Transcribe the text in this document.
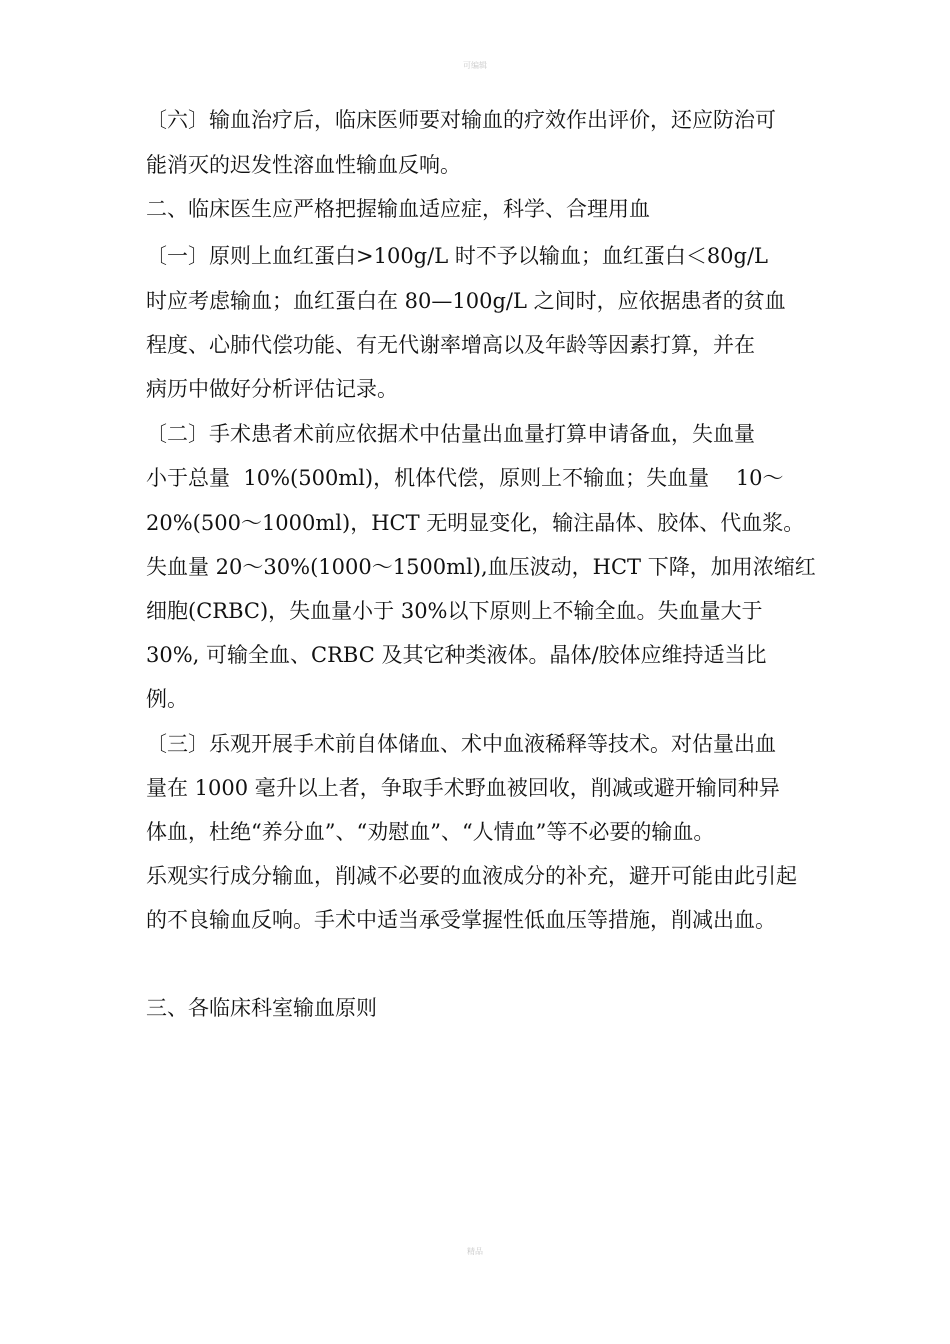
可编辑
〔六〕输血治疗后，临床医师要对输血的疗效作出评价，还应防治可
能消灭的迟发性溶血性输血反响。
二、临床医生应严格把握输血适应症，科学、合理用血
〔一〕原则上血红蛋白>100g/L 时不予以输血；血红蛋白＜80g/L
时应考虑输血；血红蛋白在 80—100g/L 之间时，应依据患者的贫血
程度、心肺代偿功能、有无代谢率增高以及年龄等因素打算，并在
病历中做好分析评估记录。
〔二〕手术患者术前应依据术中估量出血量打算申请备血，失血量
小于总量  10%(500ml)，机体代偿，原则上不输血；失血量    10～
20%(500～1000ml)，HCT 无明显变化，输注晶体、胶体、代血浆。
失血量 20～30%(1000～1500ml),血压波动，HCT 下降，加用浓缩红
细胞(CRBC)，失血量小于 30%以下原则上不输全血。失血量大于
30%, 可输全血、CRBC 及其它种类液体。晶体/胶体应维持适当比
例。
〔三〕乐观开展手术前自体储血、术中血液稀释等技术。对估量出血
量在 1000 毫升以上者，争取手术野血被回收，削减或避开输同种异
体血，杜绝“养分血”、“劝慰血”、“人情血”等不必要的输血。
乐观实行成分输血，削减不必要的血液成分的补充，避开可能由此引起
的不良输血反响。手术中适当承受掌握性低血压等措施，削减出血。
三、各临床科室输血原则
精品
